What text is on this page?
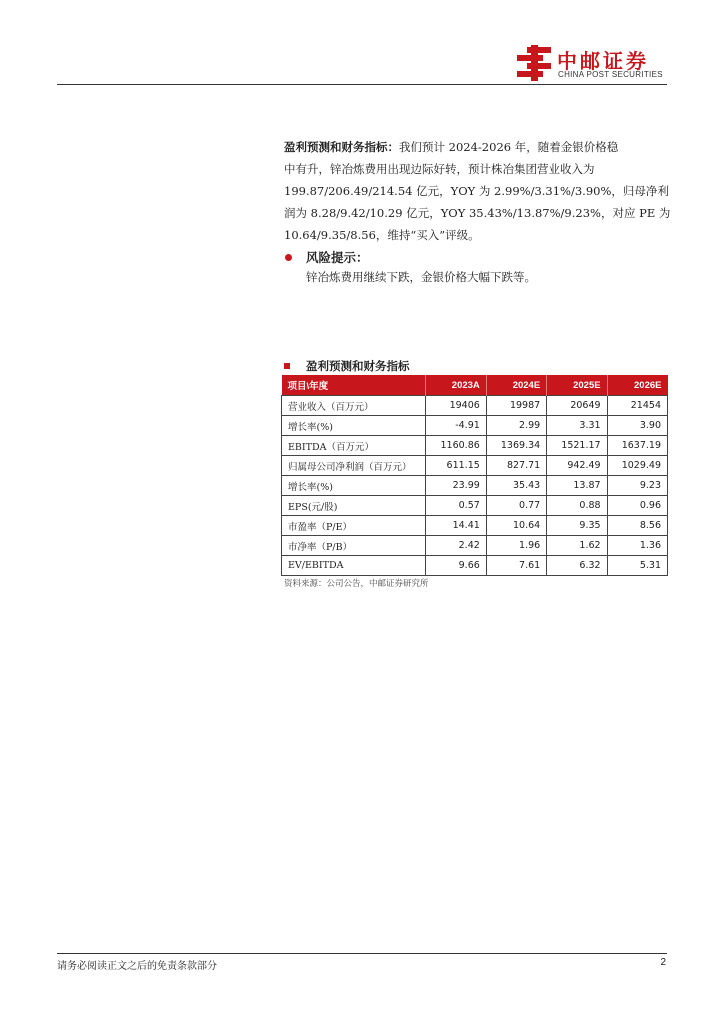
中邮证券
CHINA POST SECURITIES
盈利预测和财务指标：我们预计 2024-2026 年，随着金银价格稳
中有升，锌冶炼费用出现边际好转，预计株冶集团营业收入为
199.87/206.49/214.54 亿元，YOY 为 2.99%/3.31%/3.90%，归母净利
润为 8.28/9.42/10.29 亿元，YOY 35.43%/13.87%/9.23%，对应 PE 为
10.64/9.35/8.56，维持“买入”评级。
风险提示：
锌冶炼费用继续下跌，金银价格大幅下跌等。
盈利预测和财务指标
项目\年度	2023A	2024E	2025E	2026E
营业收入（百万元）	19406	19987	20649	21454
增长率(%)	-4.91	2.99	3.31	3.90
EBITDA（百万元）	1160.86	1369.34	1521.17	1637.19
归属母公司净利润（百万元）	611.15	827.71	942.49	1029.49
增长率(%)	23.99	35.43	13.87	9.23
EPS(元/股)	0.57	0.77	0.88	0.96
市盈率（P/E）	14.41	10.64	9.35	8.56
市净率（P/B）	2.42	1.96	1.62	1.36
EV/EBITDA	9.66	7.61	6.32	5.31
资料来源：公司公告，中邮证券研究所
请务必阅读正文之后的免责条款部分	2
